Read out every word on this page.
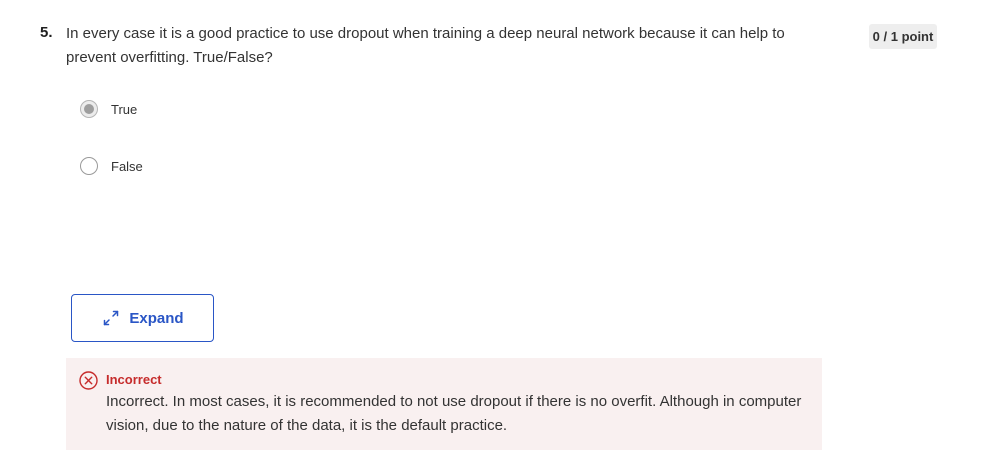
5. In every case it is a good practice to use dropout when training a deep neural network because it can help to prevent overfitting. True/False?
0 / 1 point
True
False
Expand
Incorrect
Incorrect. In most cases, it is recommended to not use dropout if there is no overfit. Although in computer vision, due to the nature of the data, it is the default practice.
